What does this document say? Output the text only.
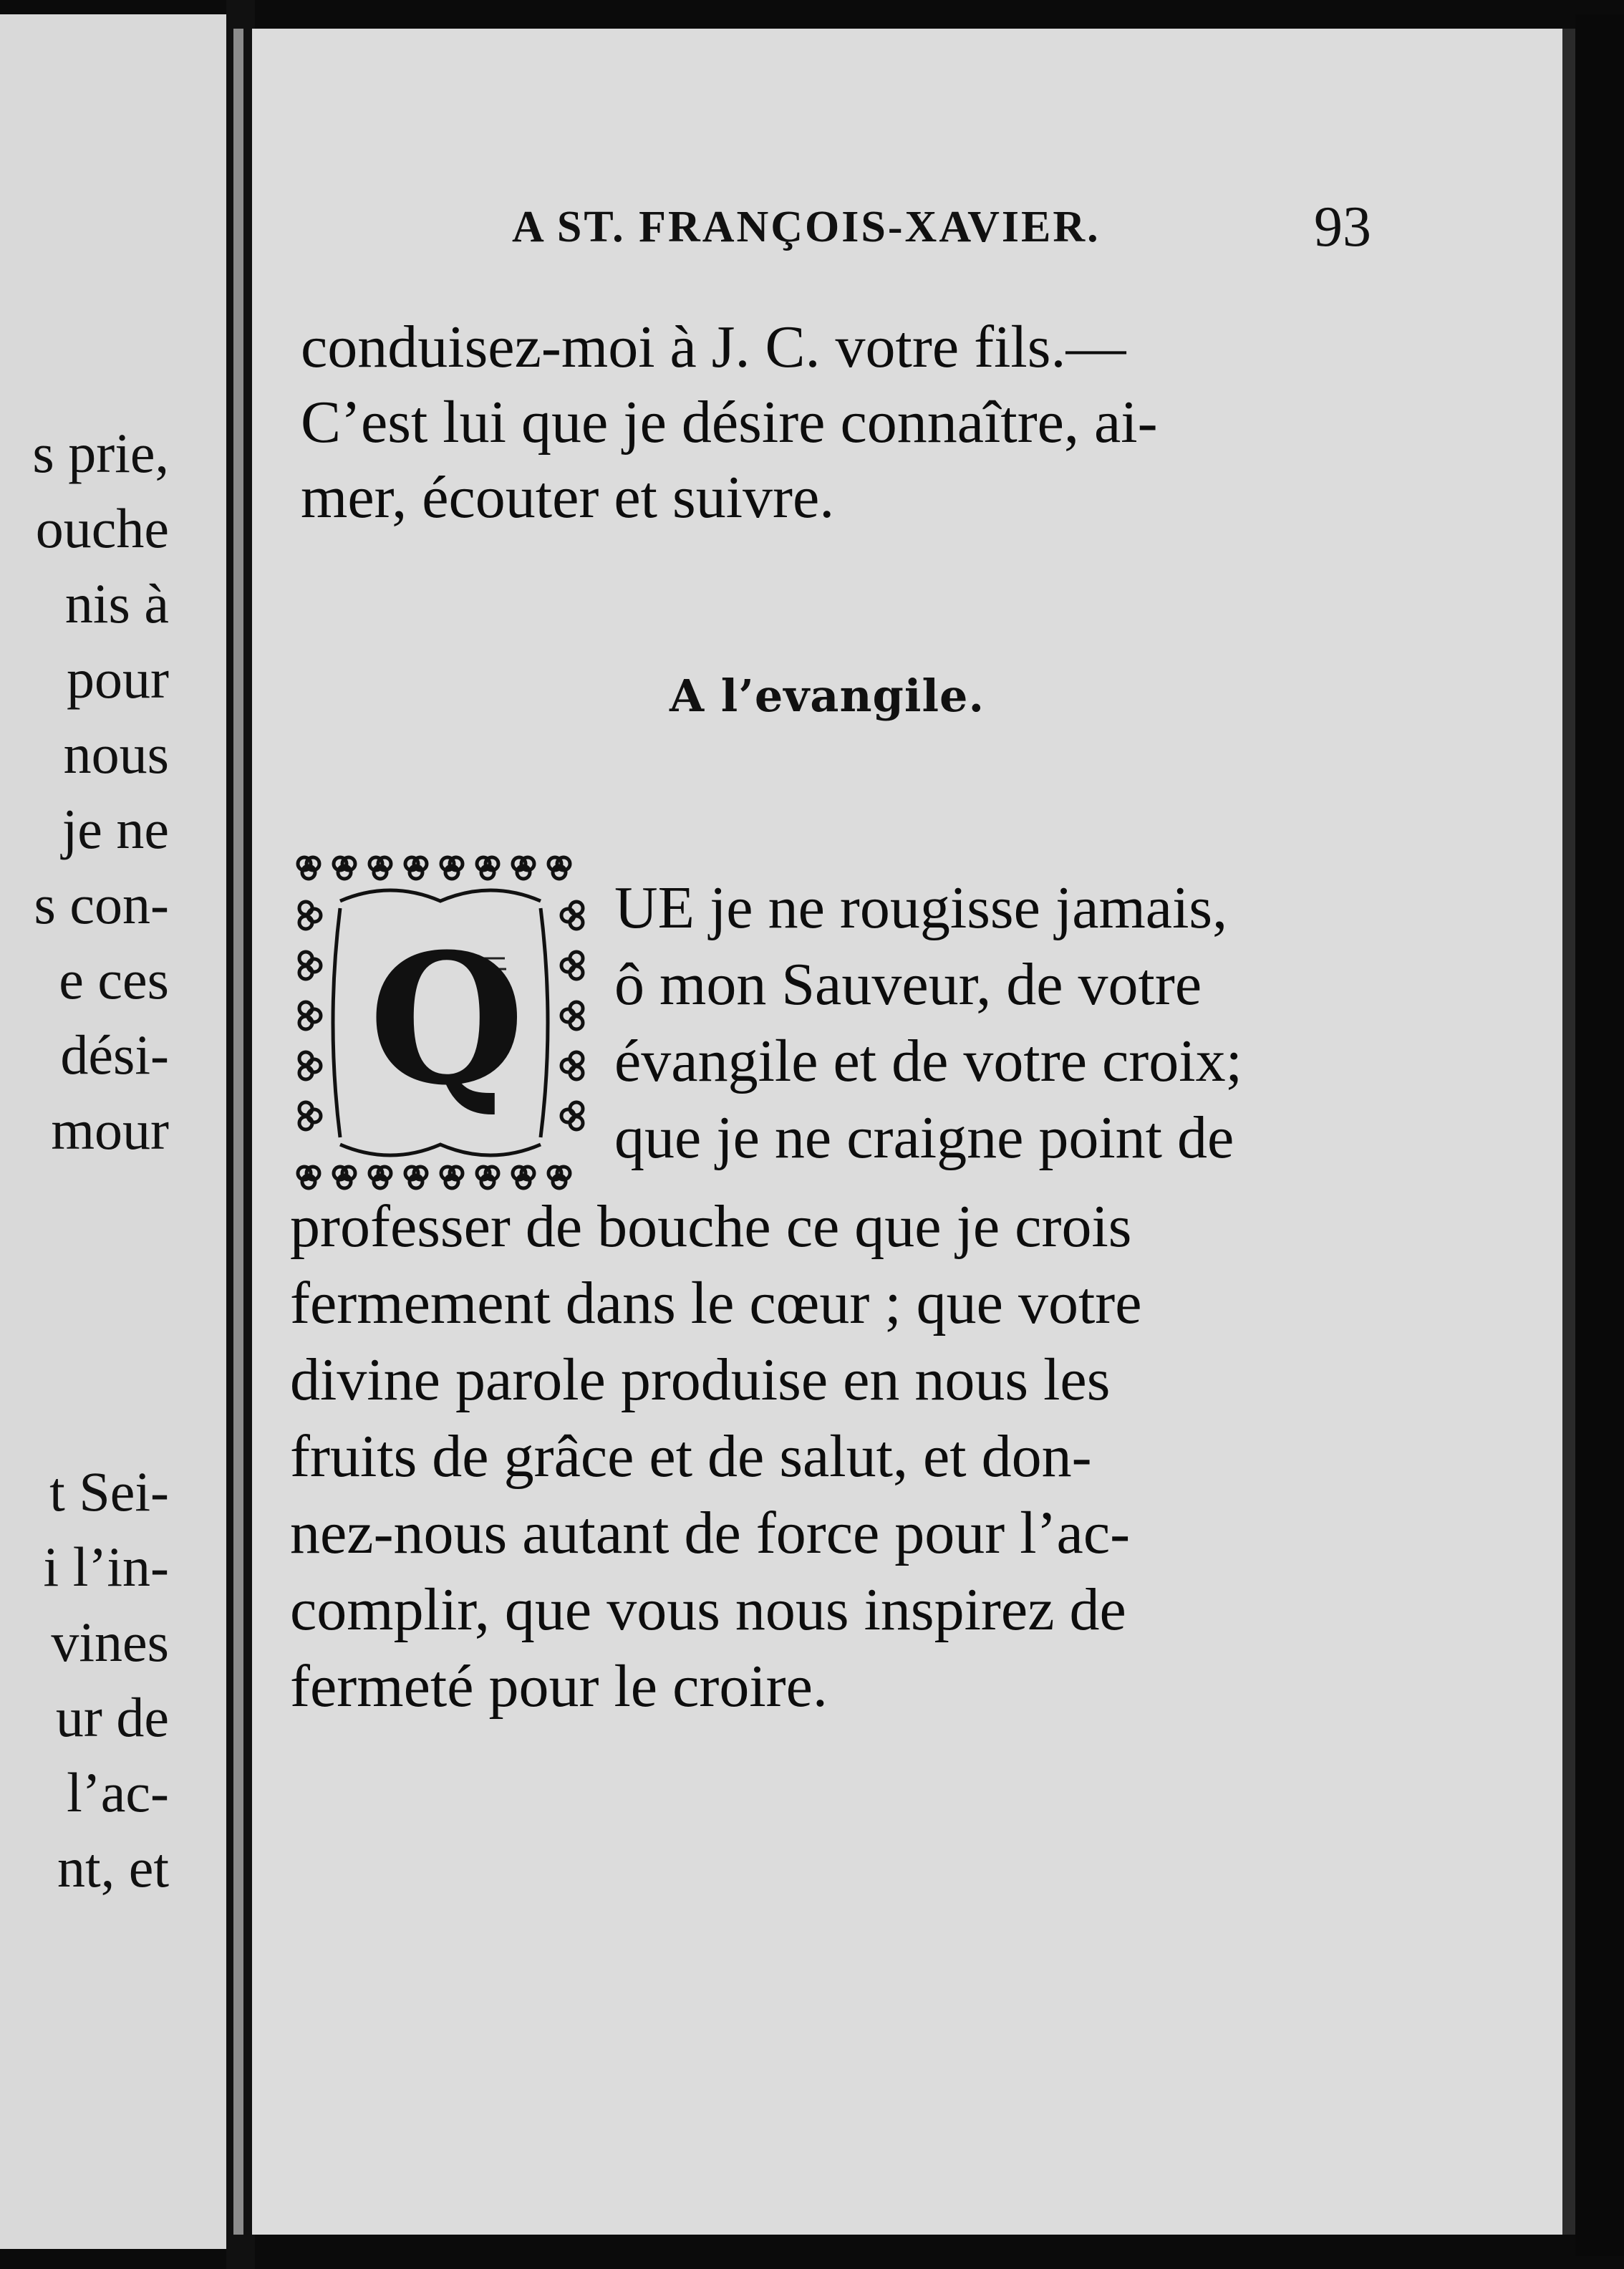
s prie,
ouche
nis à
pour
nous
je ne
s con-
e ces
dési-
mour
t Sei-
i l’in-
vines
ur de
l’ac-
nt, et
A ST. FRANÇOIS-XAVIER.	93
conduisez-moi à J. C. votre fils.—
C’est lui que je désire connaître, ai-
mer, écouter et suivre.
A l’evangile.
Q
UE je ne rougisse jamais,
ô mon Sauveur, de votre
évangile et de votre croix;
que je ne craigne point de
professer de bouche ce que je crois
fermement dans le cœur ; que votre
divine parole produise en nous les
fruits de grâce et de salut, et don-
nez-nous autant de force pour l’ac-
complir, que vous nous inspirez de
fermeté pour le croire.
